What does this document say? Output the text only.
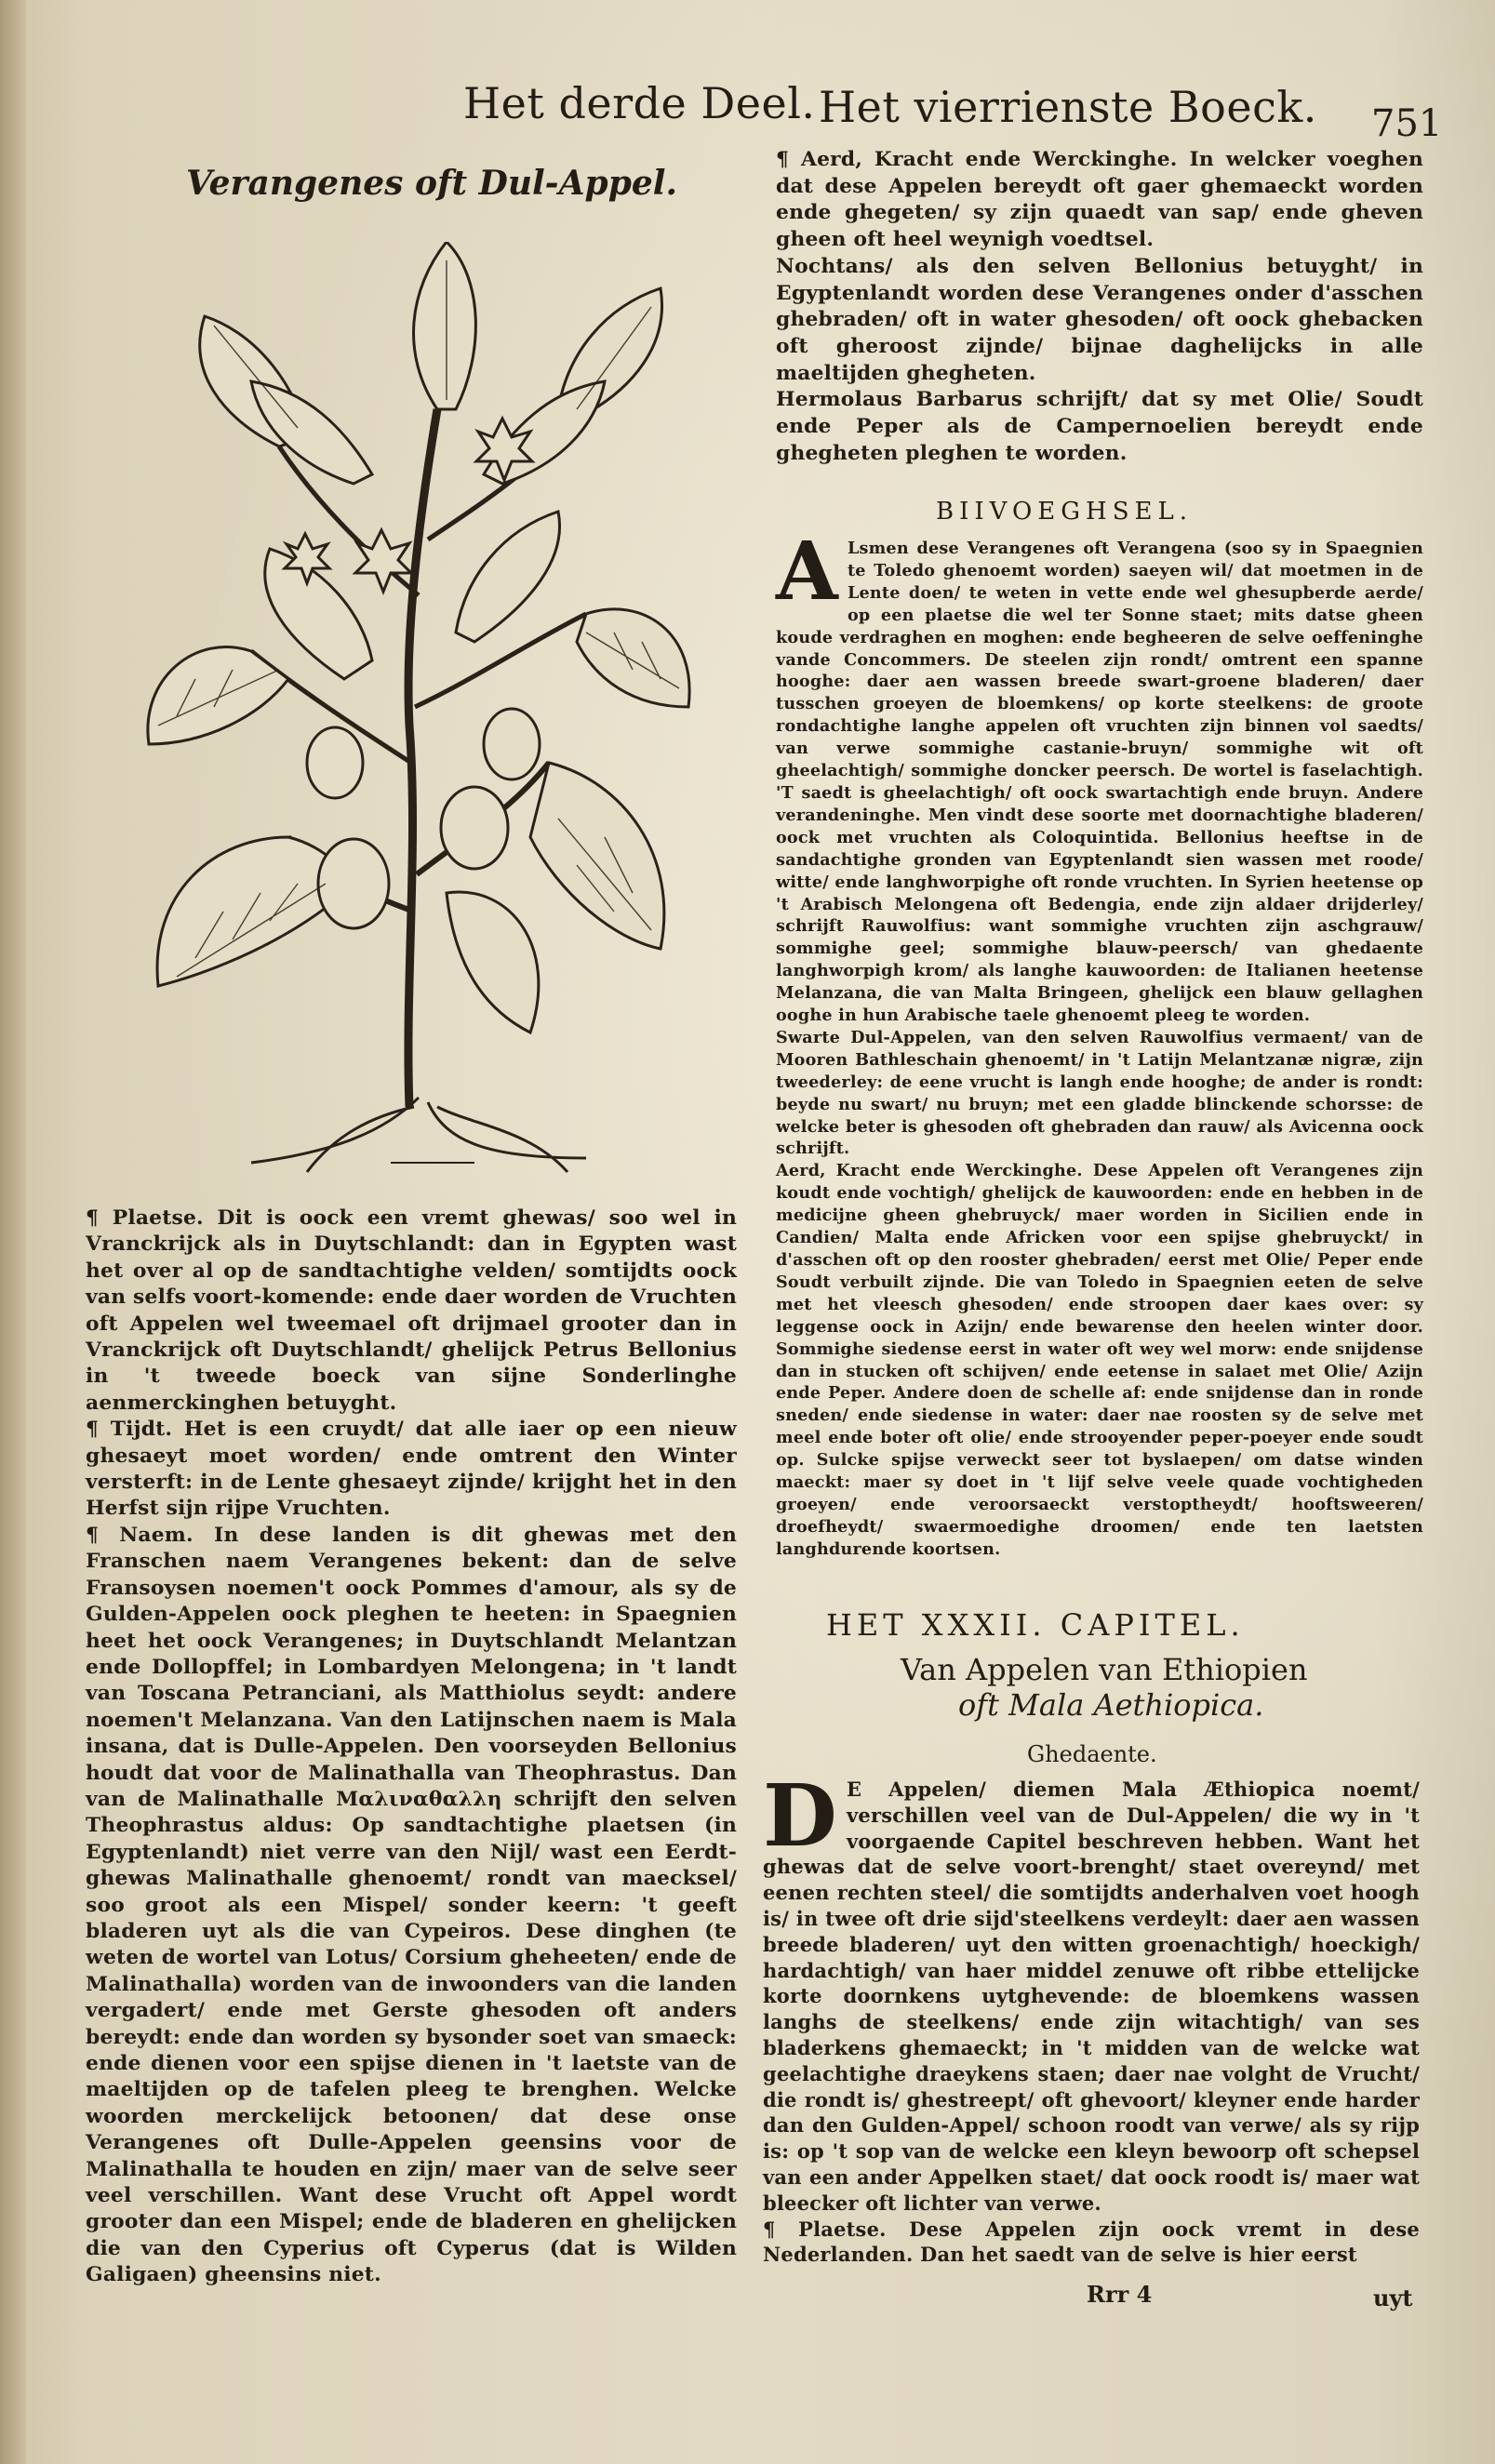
Het derde Deel. Het vierrienste Boeck. 751
Verangenes oft Dul-Appel.

¶ Plaetse. Dit is oock een vremt ghewas/ soo wel in Vranckrijck als in Duytschlandt: dan in Egypten wast het over al op de sandtachtighe velden/ somtijdts oock van selfs voort-komende: ende daer worden de Vruchten oft Appelen wel tweemael oft drijmael grooter dan in Vranckrijck oft Duytschlandt/ ghelijck Petrus Bellonius in 't tweede boeck van sijne Sonderlinghe aenmerckinghen betuyght.

¶ Tijdt. Het is een cruydt/ dat alle iaer op een nieuw ghesaeyt moet worden/ ende omtrent den Winter versterft: in de Lente ghesaeyt zijnde/ krijght het in den Herfst sijn rijpe Vruchten.

¶ Naem. In dese landen is dit ghewas met den Franschen naem Verangenes bekent: dan de selve Fransoysen noemen't oock Pommes d'amour, als sy de Gulden-Appelen oock pleghen te heeten: in Spaegnien heet het oock Verangenes; in Duytschlandt Melantzan ende Dollopffel; in Lombardyen Melongena; in 't landt van Toscana Petranciani, als Matthiolus seydt: andere noemen't Melanzana. Van den Latijnschen naem is Mala insana, dat is Dulle-Appelen. Den voorseyden Bellonius houdt dat voor de Malinathalla van Theophrastus. Dan van de Malinathalle Μαλιναθαλλη schrijft den selven Theophrastus aldus: Op sandtachtighe plaetsen (in Egyptenlandt) niet verre van den Nijl/ wast een Eerdt-ghewas Malinathalle ghenoemt/ rondt van maecksel/ soo groot als een Mispel/ sonder keern: 't geeft bladeren uyt als die van Cypeiros. Dese dinghen (te weten de wortel van Lotus/ Corsium gheheeten/ ende de Malinathalla) worden van de inwoonders van die landen vergadert/ ende met Gerste ghesoden oft anders bereydt: ende dan worden sy bysonder soet van smaeck: ende dienen voor een spijse dienen in 't laetste van de maeltijden op de tafelen pleeg te brenghen. Welcke woorden merckelijck betoonen/ dat dese onse Verangenes oft Dulle-Appelen geensins voor de Malinathalla te houden en zijn/ maer van de selve seer veel verschillen. Want dese Vrucht oft Appel wordt grooter dan een Mispel; ende de bladeren en ghelijcken die van den Cyperius oft Cyperus (dat is Wilden Galigaen) gheensins niet.

¶ Aerd, Kracht ende Werckinghe. In welcker voeghen dat dese Appelen bereydt oft gaer ghemaeckt worden ende ghegeten/ sy zijn quaedt van sap/ ende gheven gheen oft heel weynigh voedtsel.

Nochtans/ als den selven Bellonius betuyght/ in Egyptenlandt worden dese Verangenes onder d'asschen ghebraden/ oft in water ghesoden/ oft oock ghebacken oft gheroost zijnde/ bijnae daghelijcks in alle maeltijden ghegheten.

Hermolaus Barbarus schrijft/ dat sy met Olie/ Soudt ende Peper als de Campernoelien bereydt ende ghegheten pleghen te worden.

BIIVOEGHSEL.
A Lsmen dese Verangenes oft Verangena (soo sy in Spaegnien te Toledo ghenoemt worden) saeyen wil/ dat moetmen in de Lente doen/ te weten in vette ende wel ghesupberde aerde/ op een plaetse die wel ter Sonne staet; mits datse gheen koude verdraghen en moghen: ende begheeren de selve oeffeninghe vande Concommers. De steelen zijn rondt/ omtrent een spanne hooghe: daer aen wassen breede swart-groene bladeren/ daer tusschen groeyen de bloemkens/ op korte steelkens: de groote rondachtighe langhe appelen oft vruchten zijn binnen vol saedts/ van verwe sommighe castanie-bruyn/ sommighe wit oft gheelachtigh/ sommighe doncker peersch. De wortel is faselachtigh. 'T saedt is gheelachtigh/ oft oock swartachtigh ende bruyn. Andere verandeninghe. Men vindt dese soorte met doornachtighe bladeren/ oock met vruchten als Coloquintida. Bellonius heeftse in de sandachtighe gronden van Egyptenlandt sien wassen met roode/ witte/ ende langhworpighe oft ronde vruchten. In Syrien heetense op 't Arabisch Melongena oft Bedengia, ende zijn aldaer drijderley/ schrijft Rauwolfius: want sommighe vruchten zijn aschgrauw/ sommighe geel; sommighe blauw-peersch/ van ghedaente langhworpigh krom/ als langhe kauwoorden: de Italianen heetense Melanzana, die van Malta Bringeen, ghelijck een blauw gellaghen ooghe in hun Arabische taele ghenoemt pleeg te worden.

Swarte Dul-Appelen, van den selven Rauwolfius vermaent/ van de Mooren Bathleschain ghenoemt/ in 't Latijn Melantzanæ nigræ, zijn tweederley: de eene vrucht is langh ende hooghe; de ander is rondt: beyde nu swart/ nu bruyn; met een gladde blinckende schorsse: de welcke beter is ghesoden oft ghebraden dan rauw/ als Avicenna oock schrijft.

Aerd, Kracht ende Werckinghe. Dese Appelen oft Verangenes zijn koudt ende vochtigh/ ghelijck de kauwoorden: ende en hebben in de medicijne gheen ghebruyck/ maer worden in Sicilien ende in Candien/ Malta ende Africken voor een spijse ghebruyckt/ in d'asschen oft op den rooster ghebraden/ eerst met Olie/ Peper ende Soudt verbuilt zijnde. Die van Toledo in Spaegnien eeten de selve met het vleesch ghesoden/ ende stroopen daer kaes over: sy leggense oock in Azijn/ ende bewarense den heelen winter door. Sommighe siedense eerst in water oft wey wel morw: ende snijdense dan in stucken oft schijven/ ende eetense in salaet met Olie/ Azijn ende Peper. Andere doen de schelle af: ende snijdense dan in ronde sneden/ ende siedense in water: daer nae roosten sy de selve met meel ende boter oft olie/ ende strooyender peper-poeyer ende soudt op. Sulcke spijse verweckt seer tot byslaepen/ om datse winden maeckt: maer sy doet in 't lijf selve veele quade vochtigheden groeyen/ ende veroorsaeckt verstoptheydt/ hooftsweeren/ droefheydt/ swaermoedighe droomen/ ende ten laetsten langhdurende koortsen.

HET XXXII. CAPITEL.
Van Appelen van Ethiopien
oft Mala Aethiopica.
Ghedaente.
D E Appelen/ diemen Mala Æthiopica noemt/ verschillen veel van de Dul-Appelen/ die wy in 't voorgaende Capitel beschreven hebben. Want het ghewas dat de selve voort-brenght/ staet overeynd/ met eenen rechten steel/ die somtijdts anderhalven voet hoogh is/ in twee oft drie sijd'steelkens verdeylt: daer aen wassen breede bladeren/ uyt den witten groenachtigh/ hoeckigh/ hardachtigh/ van haer middel zenuwe oft ribbe ettelijcke korte doornkens uytghevende: de bloemkens wassen langhs de steelkens/ ende zijn witachtigh/ van ses bladerkens ghemaeckt; in 't midden van de welcke wat geelachtighe draeykens staen; daer nae volght de Vrucht/ die rondt is/ ghestreept/ oft ghevoort/ kleyner ende harder dan den Gulden-Appel/ schoon roodt van verwe/ als sy rijp is: op 't sop van de welcke een kleyn bewoorp oft schepsel van een ander Appelken staet/ dat oock roodt is/ maer wat bleecker oft lichter van verwe.

¶ Plaetse. Dese Appelen zijn oock vremt in dese Nederlanden. Dan het saedt van de selve is hier eerst

Rrr 4	uyt
